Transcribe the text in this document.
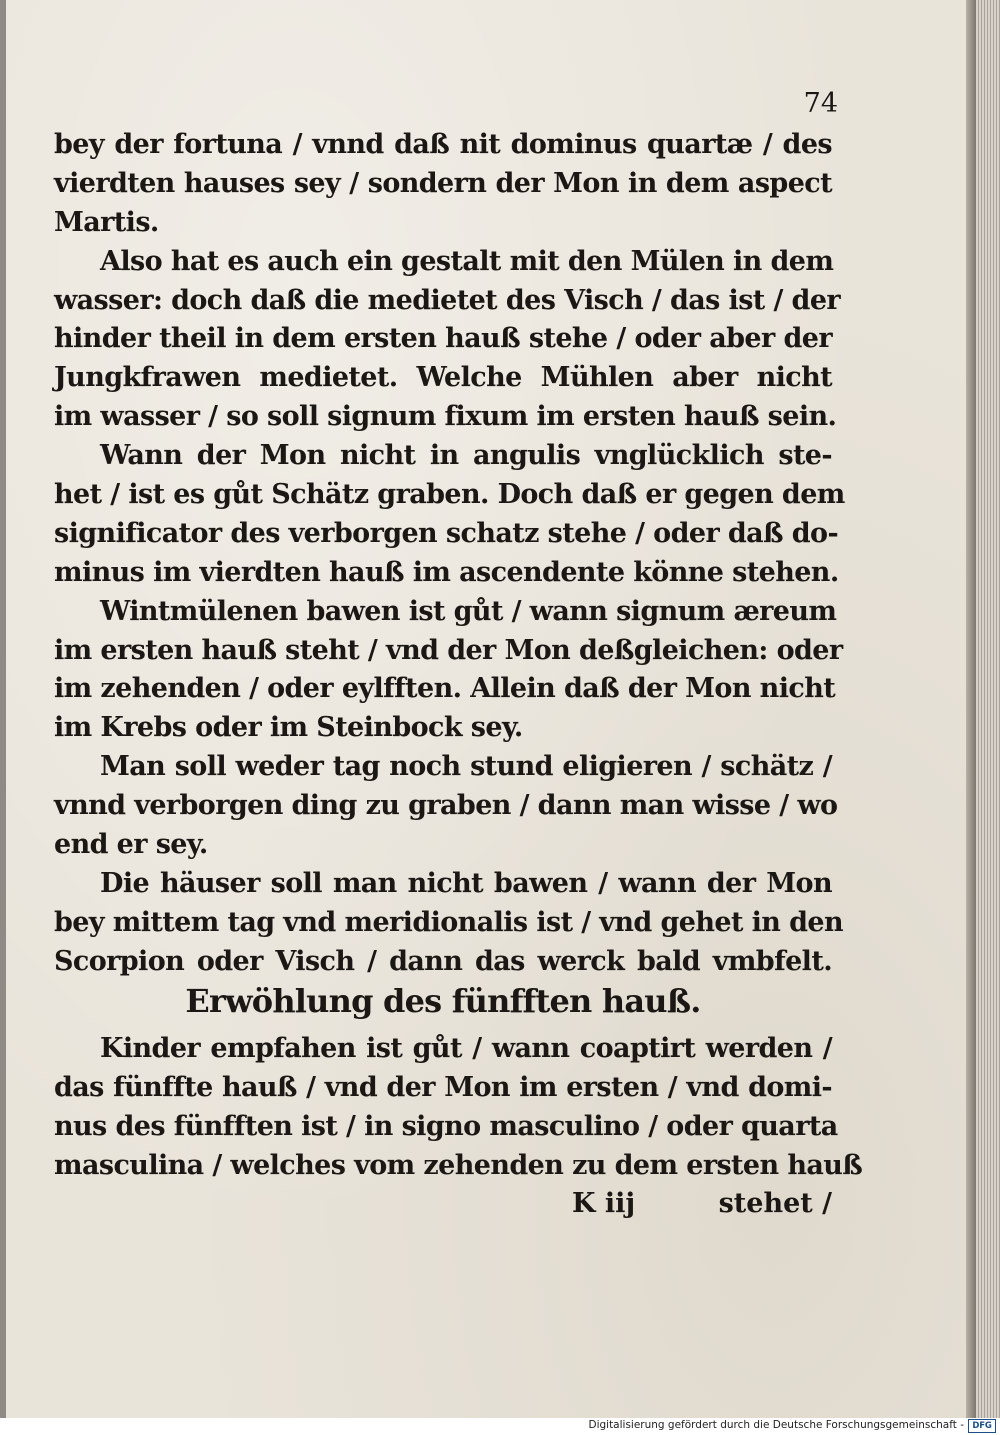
74
bey der fortuna / vnnd daß nit dominus quartæ / des
vierdten hauses sey / sondern der Mon in dem aspect
Martis.
Also hat es auch ein gestalt mit den Mülen in dem
wasser: doch daß die medietet des Visch / das ist / der
hinder theil in dem ersten hauß stehe / oder aber der
Jungkfrawen medietet. Welche Mühlen aber nicht
im wasser / so soll signum fixum im ersten hauß sein.
Wann der Mon nicht in angulis vnglücklich ste-
het / ist es gůt Schätz graben. Doch daß er gegen dem
significator des verborgen schatz stehe / oder daß do-
minus im vierdten hauß im ascendente könne stehen.
Wintmülenen bawen ist gůt / wann signum æreum
im ersten hauß steht / vnd der Mon deßgleichen: oder
im zehenden / oder eylfften. Allein daß der Mon nicht
im Krebs oder im Steinbock sey.
Man soll weder tag noch stund eligieren / schätz /
vnnd verborgen ding zu graben / dann man wisse / wo
end er sey.
Die häuser soll man nicht bawen / wann der Mon
bey mittem tag vnd meridionalis ist / vnd gehet in den
Scorpion oder Visch / dann das werck bald vmbfelt.
Erwöhlung des fünfften hauß.
Kinder empfahen ist gůt / wann coaptirt werden /
das fünffte hauß / vnd der Mon im ersten / vnd domi-
nus des fünfften ist / in signo masculino / oder quarta
masculina / welches vom zehenden zu dem ersten hauß
K iij	stehet /
Digitalisierung gefördert durch die Deutsche Forschungsgemeinschaft - DFG
